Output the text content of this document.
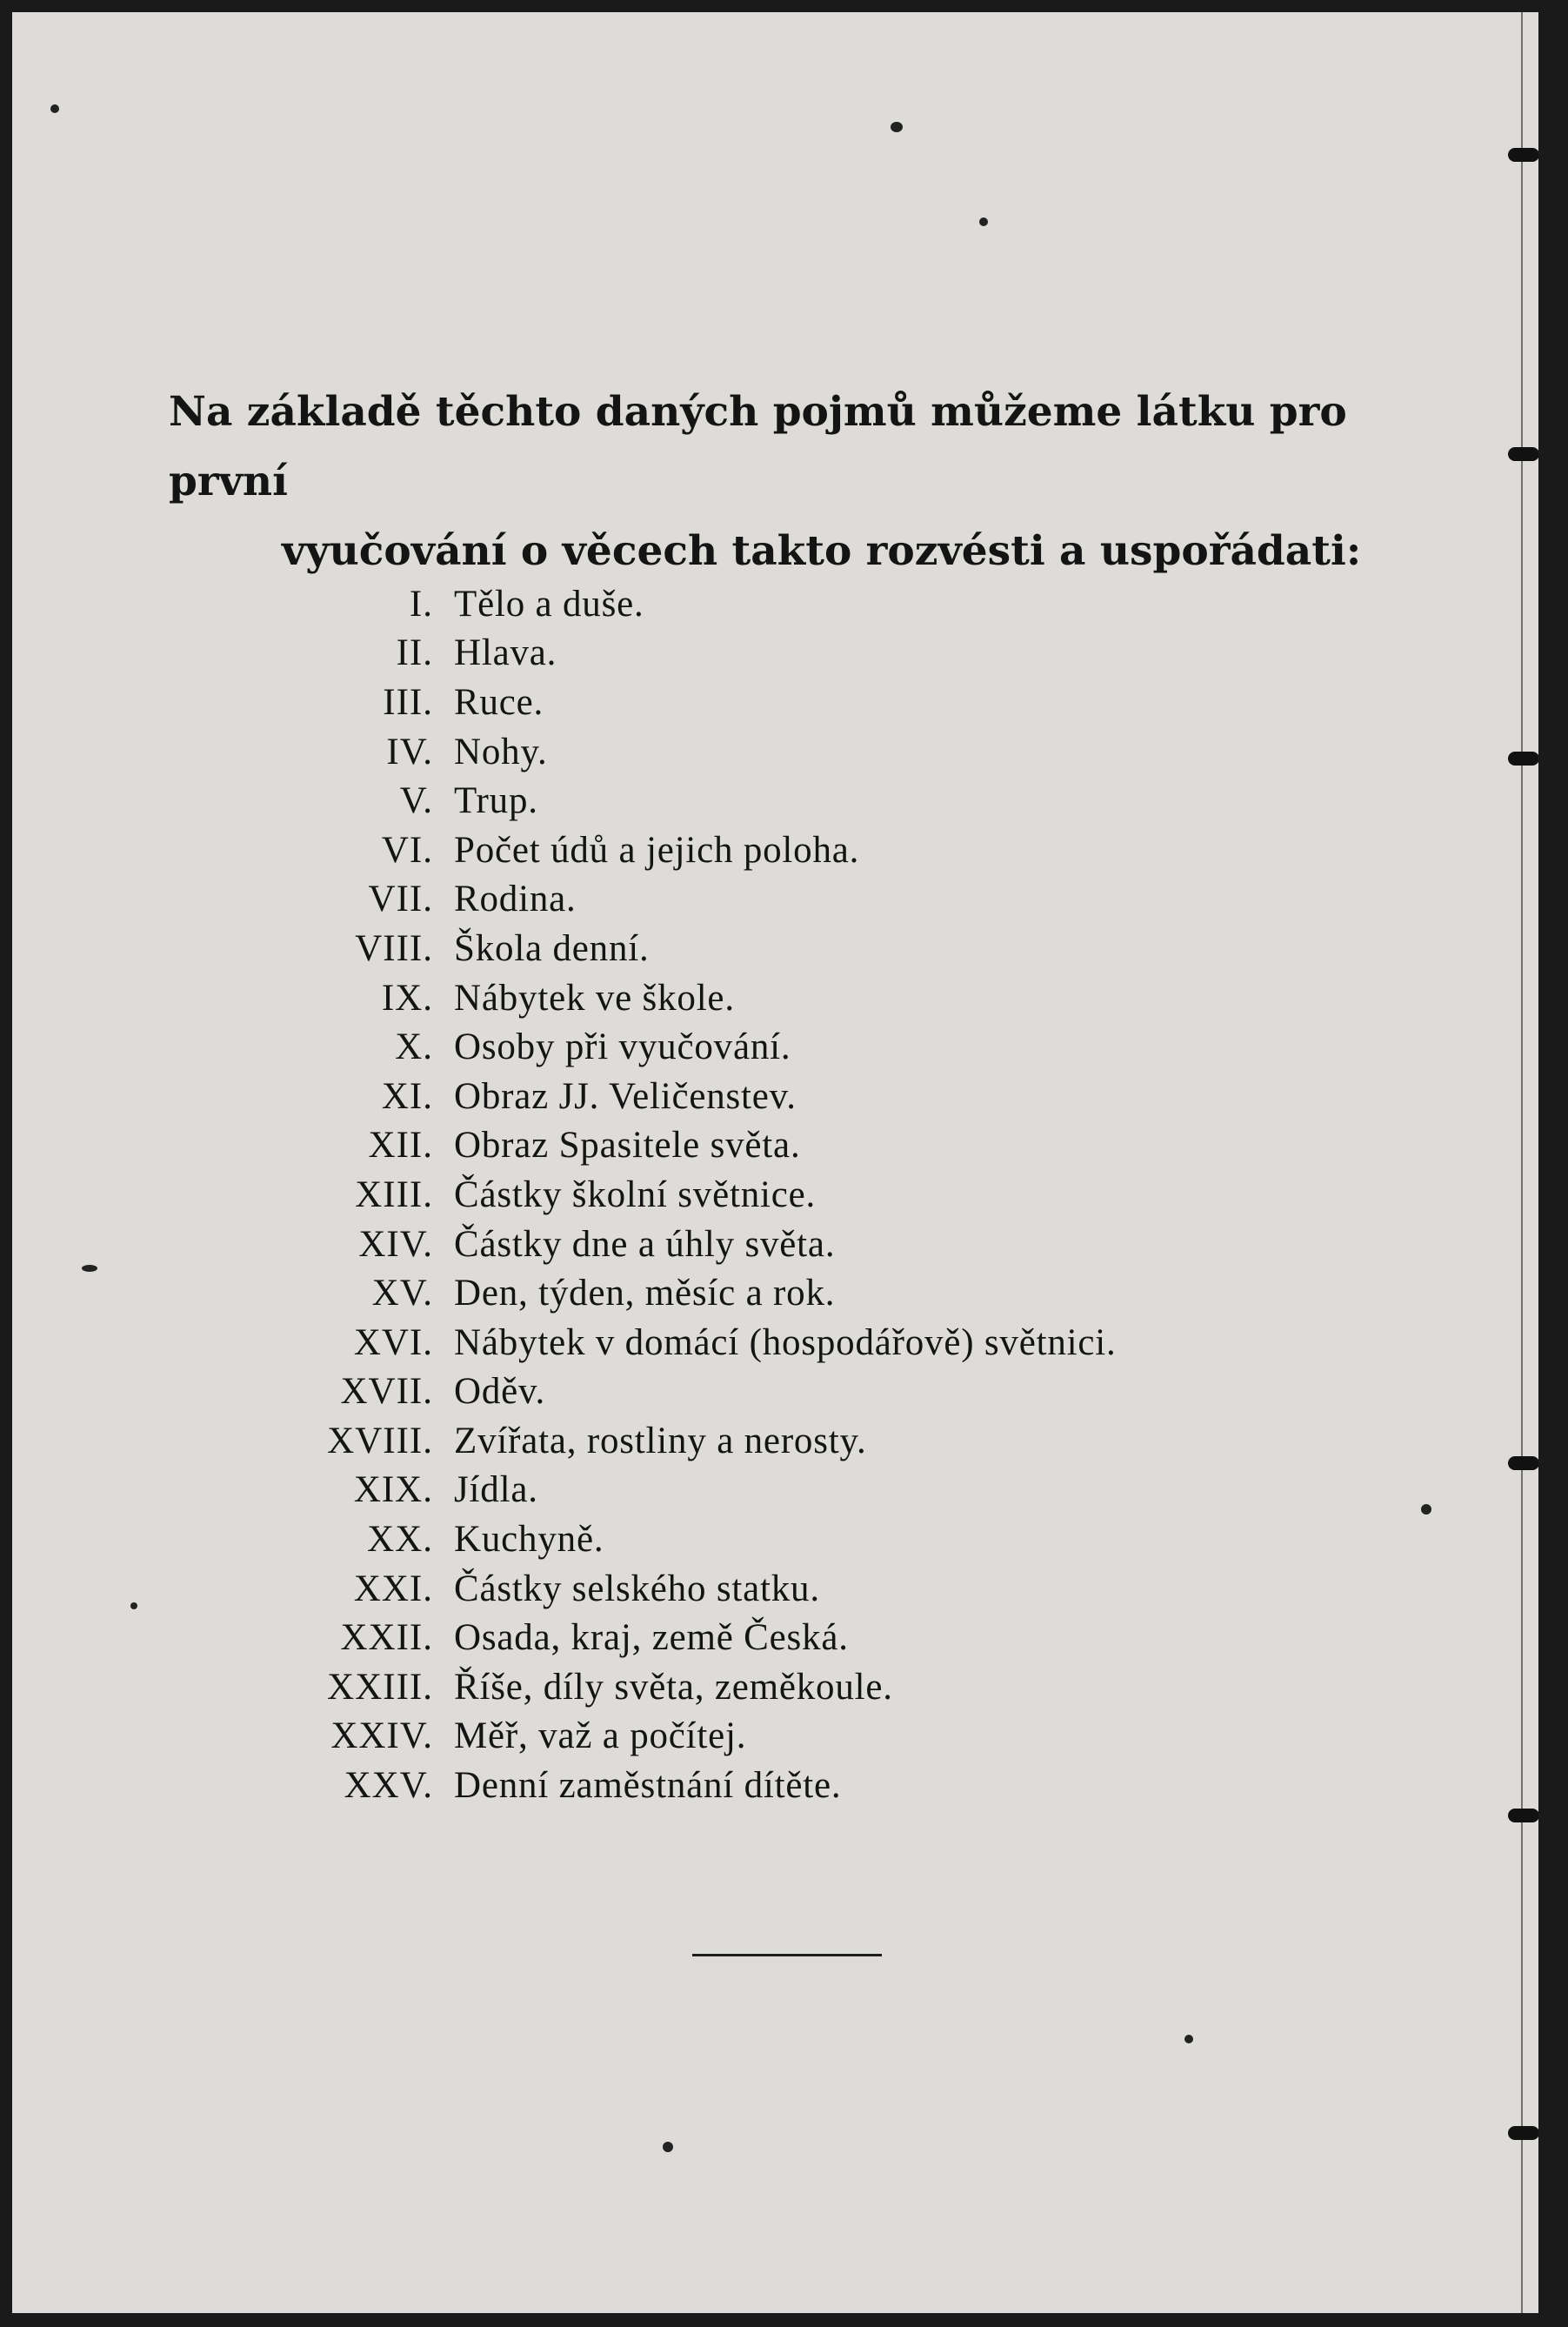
Na základě těchto daných pojmů můžeme látku pro první
vyučování o věcech takto rozvésti a uspořádati:
I. Tělo a duše.
II. Hlava.
III. Ruce.
IV. Nohy.
V. Trup.
VI. Počet údů a jejich poloha.
VII. Rodina.
VIII. Škola denní.
IX. Nábytek ve škole.
X. Osoby při vyučování.
XI. Obraz JJ. Veličenstev.
XII. Obraz Spasitele světa.
XIII. Částky školní světnice.
XIV. Částky dne a úhly světa.
XV. Den, týden, měsíc a rok.
XVI. Nábytek v domácí (hospodářově) světnici.
XVII. Oděv.
XVIII. Zvířata, rostliny a nerosty.
XIX. Jídla.
XX. Kuchyně.
XXI. Částky selského statku.
XXII. Osada, kraj, země Česká.
XXIII. Říše, díly světa, zeměkoule.
XXIV. Měř, važ a počítej.
XXV. Denní zaměstnání dítěte.
